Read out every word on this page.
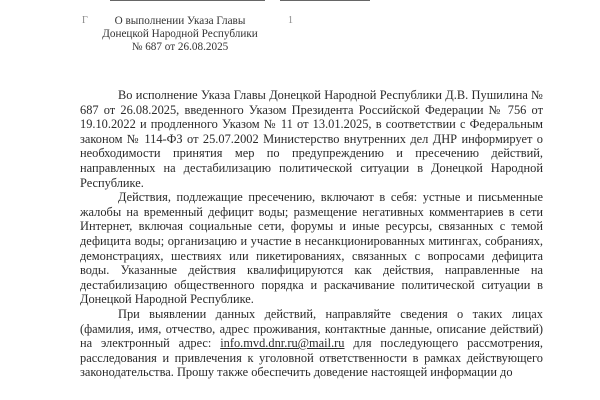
Г	1
О выполнении Указа Главы
Донецкой Народной Республики
№ 687 от 26.08.2025

Во исполнение Указа Главы Донецкой Народной Республики Д.В. Пушилина № 687 от 26.08.2025, введенного Указом Президента Российской Федерации № 756 от 19.10.2022 и продленного Указом № 11 от 13.01.2025, в соответствии с Федеральным законом № 114-ФЗ от 25.07.2002 Министерство внутренних дел ДНР информирует о необходимости принятия мер по предупреждению и пресечению действий, направленных на дестабилизацию политической ситуации в Донецкой Народной Республике.

Действия, подлежащие пресечению, включают в себя: устные и письменные жалобы на временный дефицит воды; размещение негативных комментариев в сети Интернет, включая социальные сети, форумы и иные ресурсы, связанных с темой дефицита воды; организацию и участие в несанкционированных митингах, собраниях, демонстрациях, шествиях или пикетированиях, связанных с вопросами дефицита воды. Указанные действия квалифицируются как действия, направленные на дестабилизацию общественного порядка и раскачивание политической ситуации в Донецкой Народной Республике.

При выявлении данных действий, направляйте сведения о таких лицах (фамилия, имя, отчество, адрес проживания, контактные данные, описание действий) на электронный адрес: info.mvd.dnr.ru@mail.ru для последующего рассмотрения, расследования и привлечения к уголовной ответственности в рамках действующего законодательства. Прошу также обеспечить доведение настоящей информации до
